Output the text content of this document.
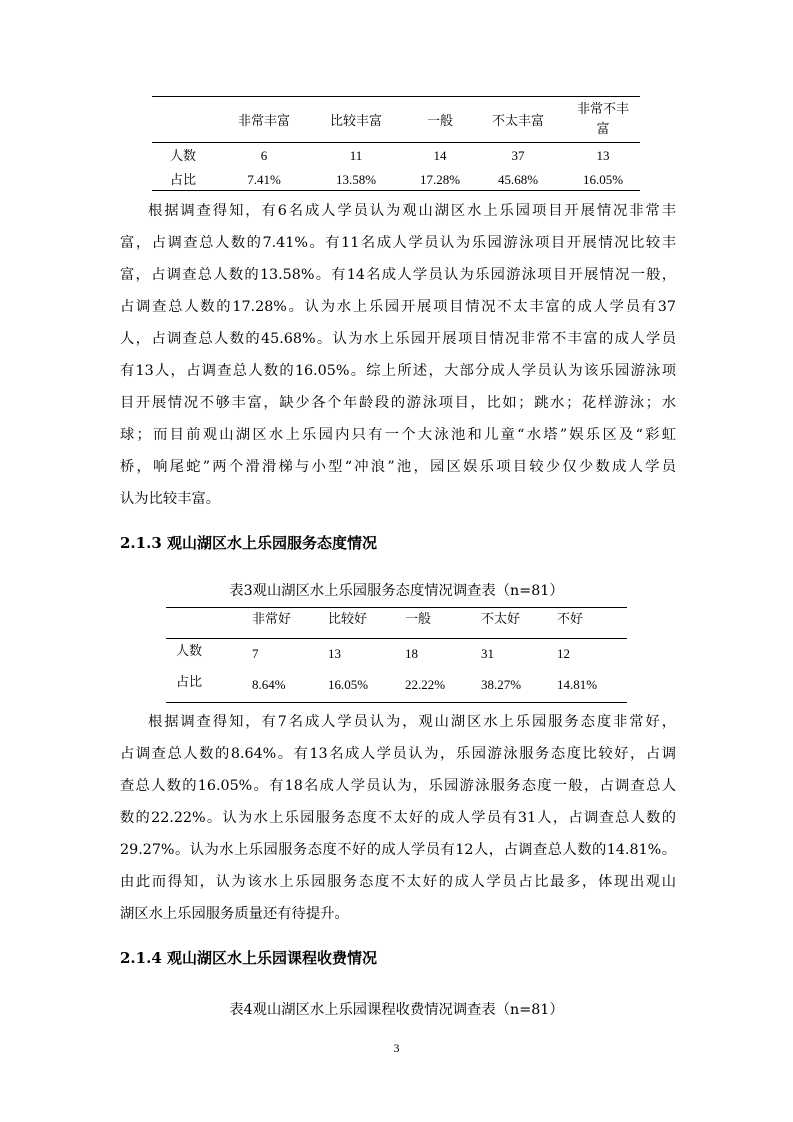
非常丰富	比较丰富	一般	不太丰富
非常不丰
富
人数	6	11	14	37	13
占比	7.41%	13.58%	17.28%	45.68%	16.05%
根据调查得知，有6名成人学员认为观山湖区水上乐园项目开展情况非常丰
富，占调查总人数的7.41%。有11名成人学员认为乐园游泳项目开展情况比较丰
富，占调查总人数的13.58%。有14名成人学员认为乐园游泳项目开展情况一般，
占调查总人数的17.28%。认为水上乐园开展项目情况不太丰富的成人学员有37
人，占调查总人数的45.68%。认为水上乐园开展项目情况非常不丰富的成人学员
有13人，占调查总人数的16.05%。综上所述，大部分成人学员认为该乐园游泳项
目开展情况不够丰富，缺少各个年龄段的游泳项目，比如；跳水；花样游泳；水
球；而目前观山湖区水上乐园内只有一个大泳池和儿童“水塔”娱乐区及“彩虹
桥，响尾蛇”两个滑滑梯与小型“冲浪”池，园区娱乐项目较少仅少数成人学员
认为比较丰富。
2.1.3 观山湖区水上乐园服务态度情况
表3观山湖区水上乐园服务态度情况调查表（n=81）
非常好	比较好	一般	不太好	不好
人数	7	13	18	31	12
占比	8.64%	16.05%	22.22%	38.27%	14.81%
根据调查得知，有7名成人学员认为，观山湖区水上乐园服务态度非常好，
占调查总人数的8.64%。有13名成人学员认为，乐园游泳服务态度比较好，占调
查总人数的16.05%。有18名成人学员认为，乐园游泳服务态度一般，占调查总人
数的22.22%。认为水上乐园服务态度不太好的成人学员有31人，占调查总人数的
29.27%。认为水上乐园服务态度不好的成人学员有12人，占调查总人数的14.81%。
由此而得知，认为该水上乐园服务态度不太好的成人学员占比最多，体现出观山
湖区水上乐园服务质量还有待提升。
2.1.4 观山湖区水上乐园课程收费情况
表4观山湖区水上乐园课程收费情况调查表（n=81）
3
